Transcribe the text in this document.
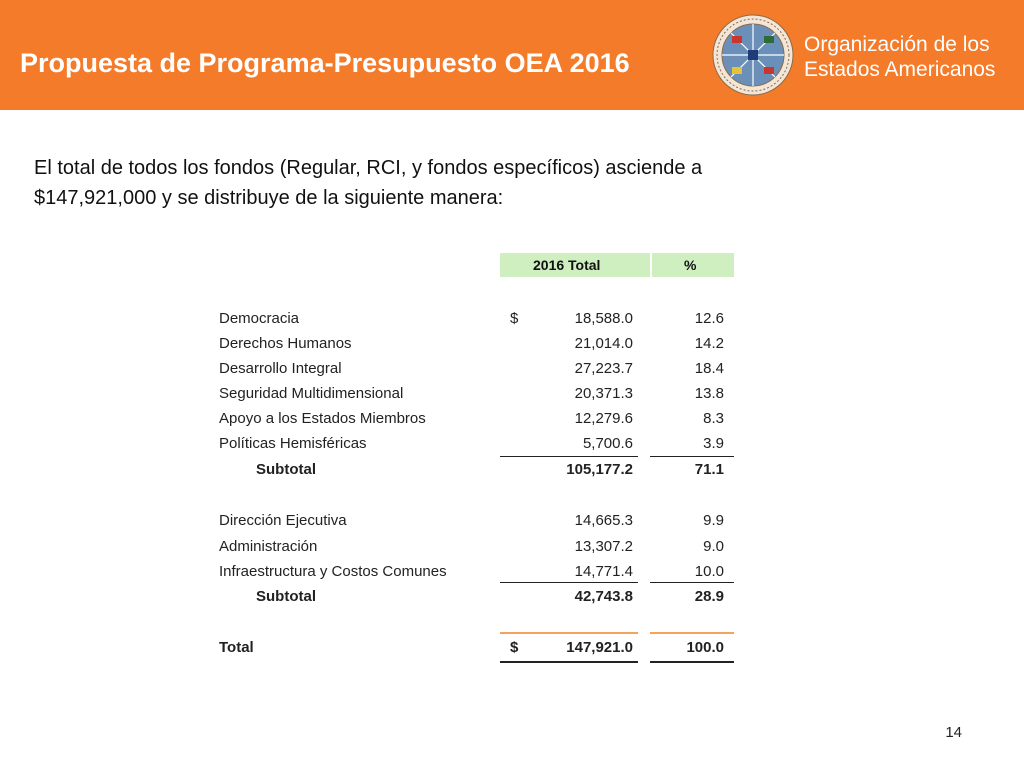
Propuesta de Programa-Presupuesto OEA 2016
Organización de los
Estados Americanos
El total de todos los fondos (Regular, RCI, y fondos específicos) asciende a
$147,921,000 y se distribuye de la siguiente manera:
2016 Total	%
Democracia	$	18,588.0	12.6
Derechos Humanos	21,014.0	14.2
Desarrollo Integral	27,223.7	18.4
Seguridad Multidimensional	20,371.3	13.8
Apoyo a los Estados Miembros	12,279.6	8.3
Políticas Hemisféricas	5,700.6	3.9
Subtotal	105,177.2	71.1
Dirección Ejecutiva	14,665.3	9.9
Administración	13,307.2	9.0
Infraestructura y Costos Comunes	14,771.4	10.0
Subtotal	42,743.8	28.9
Total	$	147,921.0	100.0
14
